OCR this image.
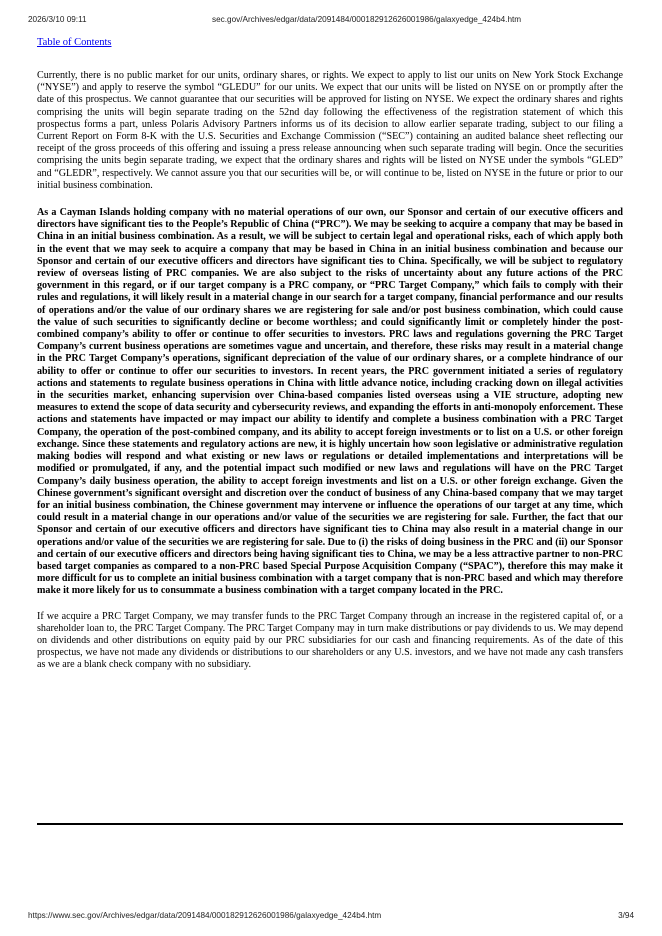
2026/3/10 09:11	sec.gov/Archives/edgar/data/2091484/000182912626001986/galaxyedge_424b4.htm
Table of Contents

Currently, there is no public market for our units, ordinary shares, or rights. We expect to apply to list our units on New York Stock Exchange (“NYSE”) and apply to reserve the symbol “GLEDU” for our units. We expect that our units will be listed on NYSE on or promptly after the date of this prospectus. We cannot guarantee that our securities will be approved for listing on NYSE. We expect the ordinary shares and rights comprising the units will begin separate trading on the 52nd day following the effectiveness of the registration statement of which this prospectus forms a part, unless Polaris Advisory Partners informs us of its decision to allow earlier separate trading, subject to our filing a Current Report on Form 8-K with the U.S. Securities and Exchange Commission (“SEC”) containing an audited balance sheet reflecting our receipt of the gross proceeds of this offering and issuing a press release announcing when such separate trading will begin. Once the securities comprising the units begin separate trading, we expect that the ordinary shares and rights will be listed on NYSE under the symbols “GLED” and “GLEDR”, respectively. We cannot assure you that our securities will be, or will continue to be, listed on NYSE in the future or prior to our initial business combination.

As a Cayman Islands holding company with no material operations of our own, our Sponsor and certain of our executive officers and directors have significant ties to the People’s Republic of China (“PRC”). We may be seeking to acquire a company that may be based in China in an initial business combination. As a result, we will be subject to certain legal and operational risks, each of which apply both in the event that we may seek to acquire a company that may be based in China in an initial business combination and because our Sponsor and certain of our executive officers and directors have significant ties to China. Specifically, we will be subject to regulatory review of overseas listing of PRC companies. We are also subject to the risks of uncertainty about any future actions of the PRC government in this regard, or if our target company is a PRC company, or “PRC Target Company,” which fails to comply with their rules and regulations, it will likely result in a material change in our search for a target company, financial performance and our results of operations and/or the value of our ordinary shares we are registering for sale and/or post business combination, which could cause the value of such securities to significantly decline or become worthless; and could significantly limit or completely hinder the post-combined company’s ability to offer or continue to offer securities to investors. PRC laws and regulations governing the PRC Target Company’s current business operations are sometimes vague and uncertain, and therefore, these risks may result in a material change in the PRC Target Company’s operations, significant depreciation of the value of our ordinary shares, or a complete hindrance of our ability to offer or continue to offer our securities to investors. In recent years, the PRC government initiated a series of regulatory actions and statements to regulate business operations in China with little advance notice, including cracking down on illegal activities in the securities market, enhancing supervision over China-based companies listed overseas using a VIE structure, adopting new measures to extend the scope of data security and cybersecurity reviews, and expanding the efforts in anti-monopoly enforcement. These actions and statements have impacted or may impact our ability to identify and complete a business combination with a PRC Target Company, the operation of the post-combined company, and its ability to accept foreign investments or to list on a U.S. or other foreign exchange. Since these statements and regulatory actions are new, it is highly uncertain how soon legislative or administrative regulation making bodies will respond and what existing or new laws or regulations or detailed implementations and interpretations will be modified or promulgated, if any, and the potential impact such modified or new laws and regulations will have on the PRC Target Company’s daily business operation, the ability to accept foreign investments and list on a U.S. or other foreign exchange. Given the Chinese government’s significant oversight and discretion over the conduct of business of any China-based company that we may target for an initial business combination, the Chinese government may intervene or influence the operations of our target at any time, which could result in a material change in our operations and/or value of the securities we are registering for sale. Further, the fact that our Sponsor and certain of our executive officers and directors have significant ties to China may also result in a material change in our operations and/or value of the securities we are registering for sale. Due to (i) the risks of doing business in the PRC and (ii) our Sponsor and certain of our executive officers and directors being having significant ties to China, we may be a less attractive partner to non-PRC based target companies as compared to a non-PRC based Special Purpose Acquisition Company (“SPAC”), therefore this may make it more difficult for us to complete an initial business combination with a target company that is non-PRC based and which may therefore make it more likely for us to consummate a business combination with a target company located in the PRC.

If we acquire a PRC Target Company, we may transfer funds to the PRC Target Company through an increase in the registered capital of, or a shareholder loan to, the PRC Target Company. The PRC Target Company may in turn make distributions or pay dividends to us. We may depend on dividends and other distributions on equity paid by our PRC subsidiaries for our cash and financing requirements. As of the date of this prospectus, we have not made any dividends or distributions to our shareholders or any U.S. investors, and we have not made any cash transfers as we are a blank check company with no subsidiary.

https://www.sec.gov/Archives/edgar/data/2091484/000182912626001986/galaxyedge_424b4.htm	3/94
